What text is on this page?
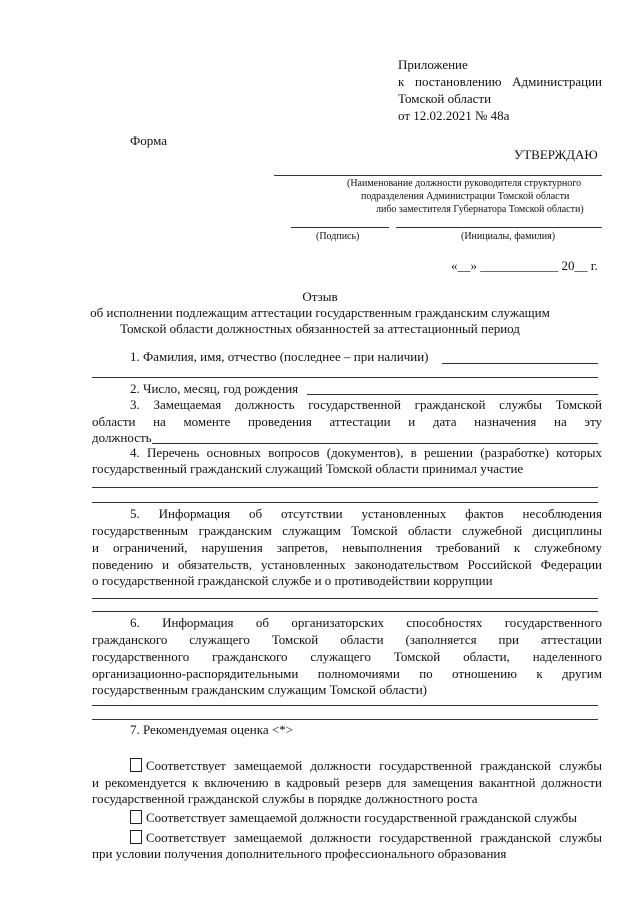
Приложение
к постановлению Администрации
Томской области
от 12.02.2021 № 48а
Форма
УТВЕРЖДАЮ
(Наименование должности руководителя структурного
подразделения Администрации Томской области
либо заместителя Губернатора Томской области)
(Подпись)	(Инициалы, фамилия)
«__» ____________ 20__ г.
Отзыв
об исполнении подлежащим аттестации государственным гражданским служащим
Томской области должностных обязанностей за аттестационный период
1. Фамилия, имя, отчество (последнее – при наличии)
2. Число, месяц, год рождения
3. Замещаемая должность государственной гражданской службы Томской
области на моменте проведения аттестации и дата назначения на эту
должность
4. Перечень основных вопросов (документов), в решении (разработке) которых
государственный гражданский служащий Томской области принимал участие
5. Информация об отсутствии установленных фактов несоблюдения
государственным гражданским служащим Томской области служебной дисциплины
и ограничений, нарушения запретов, невыполнения требований к служебному
поведению и обязательств, установленных законодательством Российской Федерации
о государственной гражданской службе и о противодействии коррупции
6. Информация об организаторских способностях государственного
гражданского служащего Томской области (заполняется при аттестации
государственного гражданского служащего Томской области, наделенного
организационно-распорядительными полномочиями по отношению к другим
государственным гражданским служащим Томской области)
7. Рекомендуемая оценка <*>
Соответствует замещаемой должности государственной гражданской службы
и рекомендуется к включению в кадровый резерв для замещения вакантной должности
государственной гражданской службы в порядке должностного роста
Соответствует замещаемой должности государственной гражданской службы
Соответствует замещаемой должности государственной гражданской службы
при условии получения дополнительного профессионального образования
